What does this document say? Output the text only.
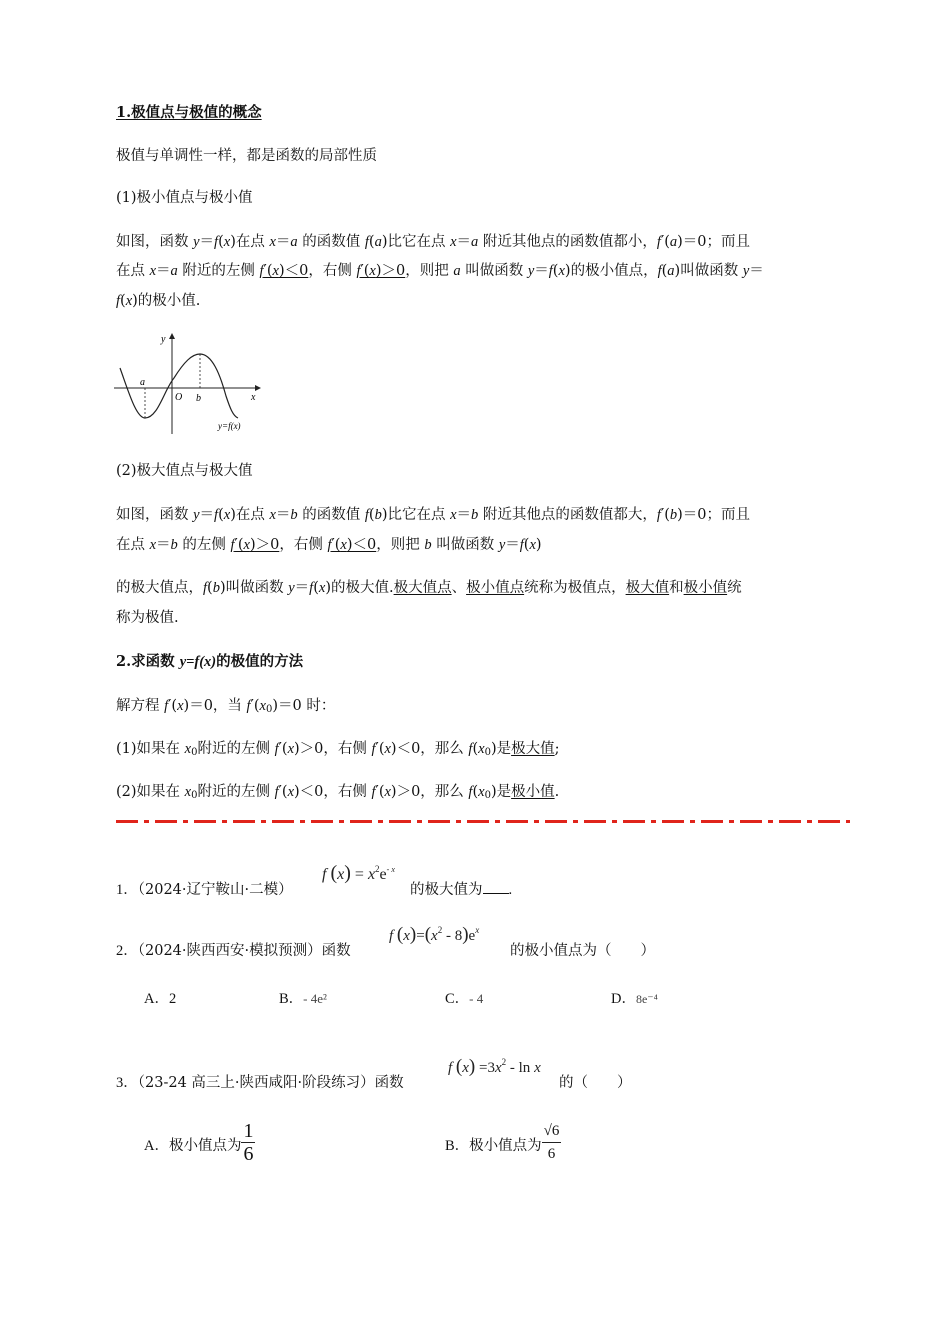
1.极值点与极值的概念
极值与单调性一样，都是函数的局部性质
(1)极小值点与极小值
如图，函数 y＝f(x)在点 x＝a 的函数值 f(a)比它在点 x＝a 附近其他点的函数值都小，f′(a)＝0；而且
在点 x＝a 附近的左侧 f′(x)＜0，右侧 f′(x)＞0，则把 a 叫做函数 y＝f(x)的极小值点，f(a)叫做函数 y＝
f(x)的极小值.
y
x
O
a
b
y=f(x)
(2)极大值点与极大值
如图，函数 y＝f(x)在点 x＝b 的函数值 f(b)比它在点 x＝b 附近其他点的函数值都大，f′(b)＝0；而且
在点 x＝b 的左侧 f′(x)＞0，右侧 f′(x)＜0，则把 b 叫做函数 y＝f(x)
的极大值点，f(b)叫做函数 y＝f(x)的极大值.极大值点、极小值点统称为极值点，极大值和极小值统
称为极值.
2.求函数 y=f(x)的极值的方法
解方程 f′(x)＝0，当 $f'(x_0)=0$ 时：
(1)如果在 $x_0$附近的左侧 f′(x)＞0，右侧 f′(x)＜0，那么 $f(x_0)$是极大值;
(2)如果在 $x_0$附近的左侧 f′(x)＜0，右侧 f′(x)＞0，那么 $f(x_0)$是极小值.
1．（2024·辽宁鞍山·二模）
f $(x) = x^2e^{- x}$
的极大值为 .
2．（2024·陕西西安·模拟预测）函数
f $(x)=(x^2 - 8)e^x$
的极小值点为（　　）
A．2	B．- 4e²	C．- 4	D．8e⁻⁴
3．（23-24 高三上·陕西咸阳·阶段练习）函数
f $(x) =3x^2 - \ln x$
的（　　）
A．极小值点为 $\frac{1}{6}$	B．极小值点为 $\frac{√6}{6}$
